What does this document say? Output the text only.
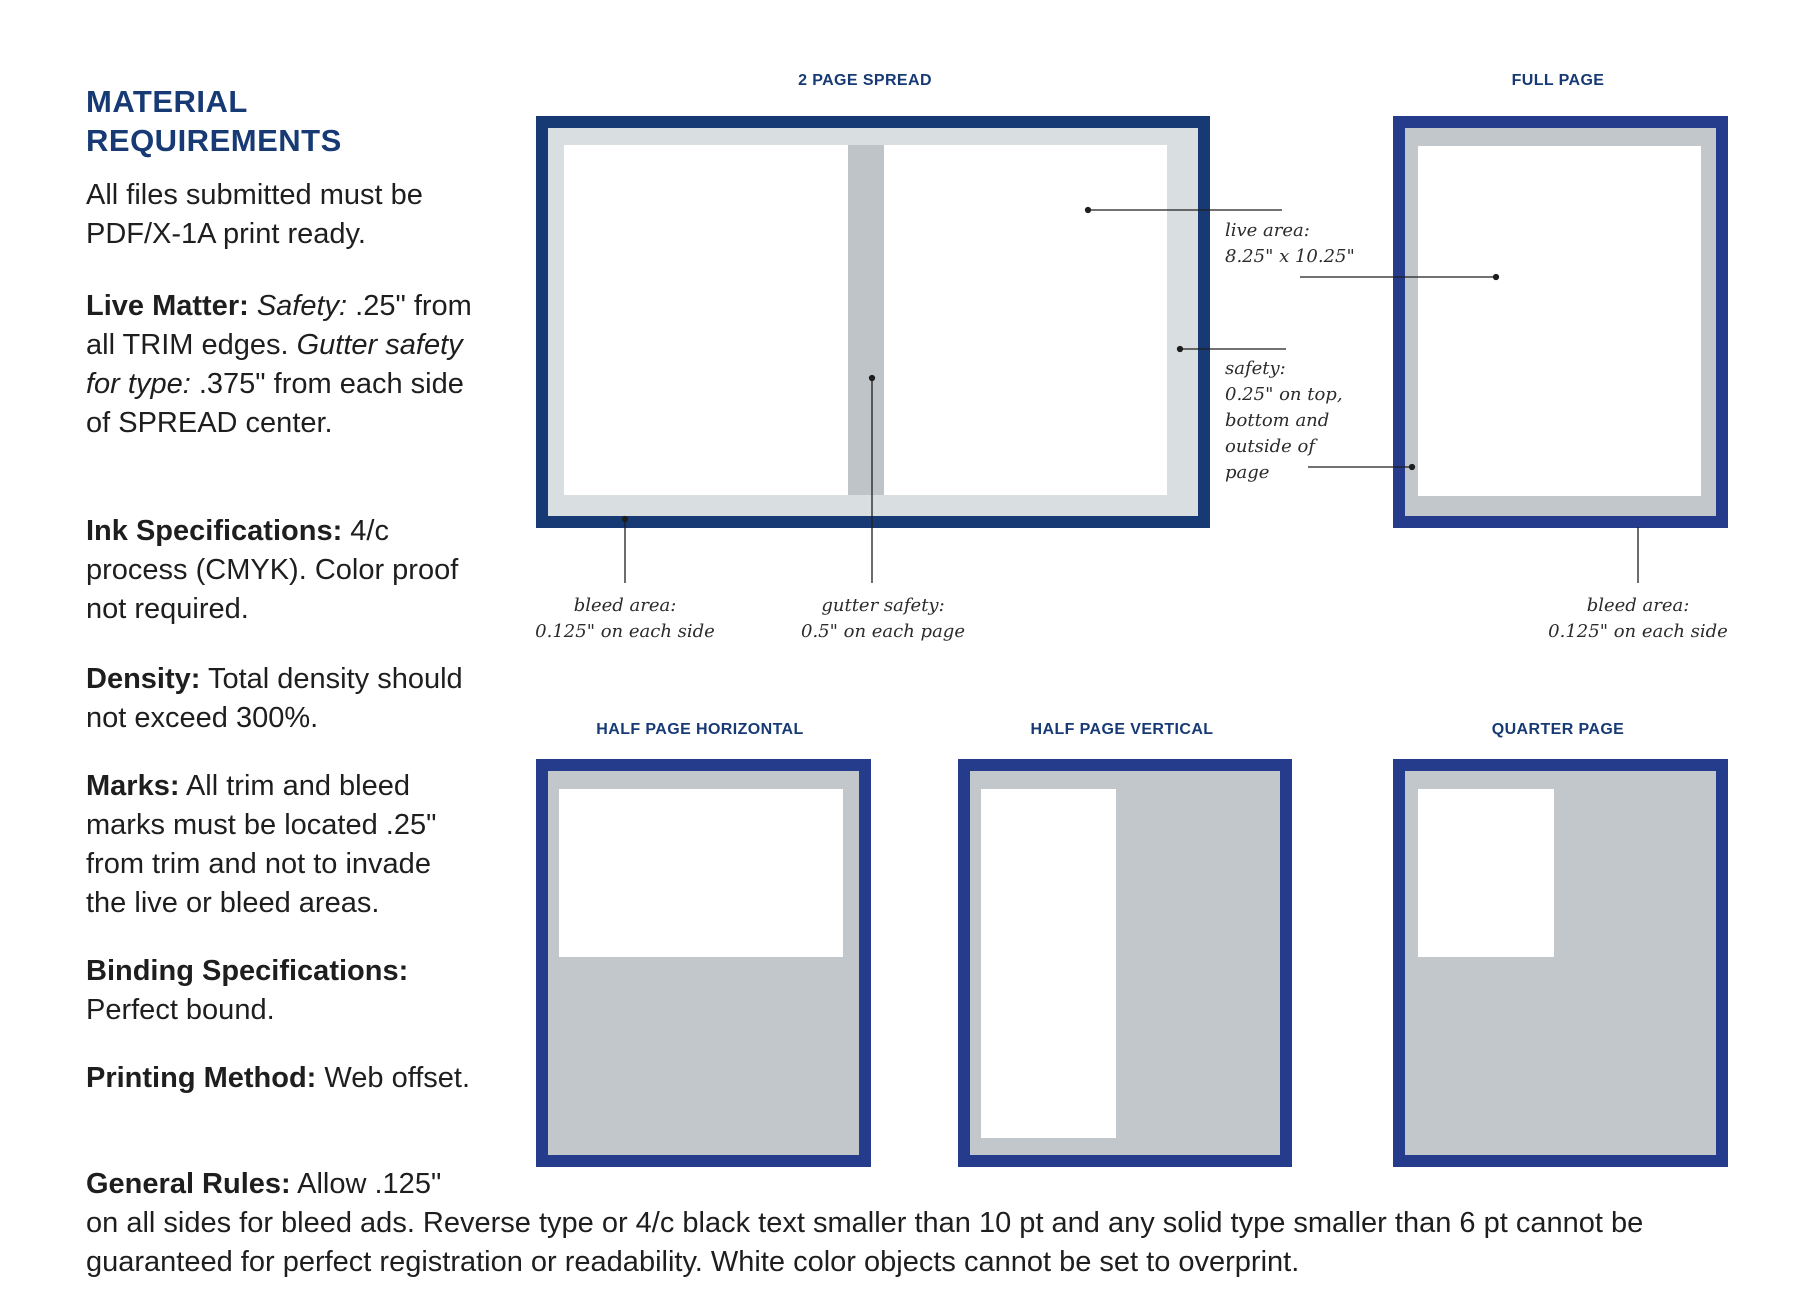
MATERIAL
REQUIREMENTS
All files submitted must be PDF/X-1A print ready.
Live Matter: Safety: .25" from all TRIM edges. Gutter safety for type: .375" from each side of SPREAD center.
Ink Specifications: 4/c process (CMYK). Color proof not required.
Density: Total density should not exceed 300%.
Marks: All trim and bleed marks must be located .25" from trim and not to invade the live or bleed areas.
Binding Specifications: Perfect bound.
Printing Method: Web offset.
General Rules: Allow .125"
on all sides for bleed ads. Reverse type or 4/c black text smaller than 10 pt and any solid type smaller than 6 pt cannot be guaranteed for perfect registration or readability. White color objects cannot be set to overprint.
2 PAGE SPREAD	FULL PAGE
HALF PAGE HORIZONTAL	HALF PAGE VERTICAL	QUARTER PAGE
live area:
8.25" x 10.25"
safety:
0.25" on top,
bottom and
outside of
page
bleed area:
0.125" on each side
gutter safety:
0.5" on each page
bleed area:
0.125" on each side
